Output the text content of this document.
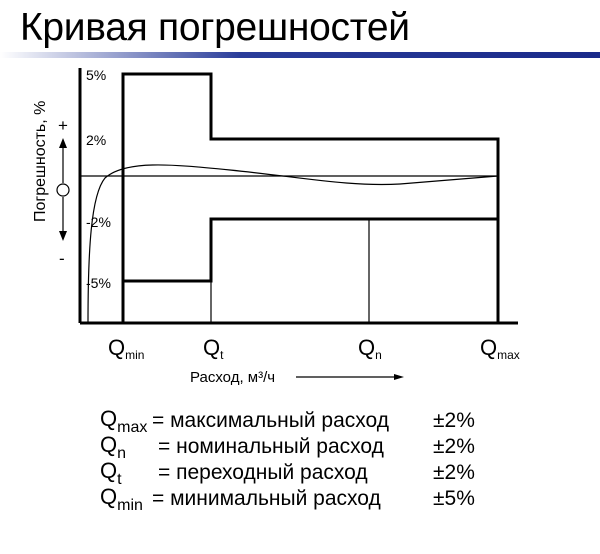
Кривая погрешностей
5%
2%
-2%
-5%
Погрешность, % +
-
Qmin	Qt	Qn	Qmax
Расход, м³/ч
$Q_{max}$ = максимальный расход ±2%
$Q_n$ = номинальный расход ±2%
$Q_t$ = переходный расход	±2%
$Q_{min}$ = минимальный расход ±5%
